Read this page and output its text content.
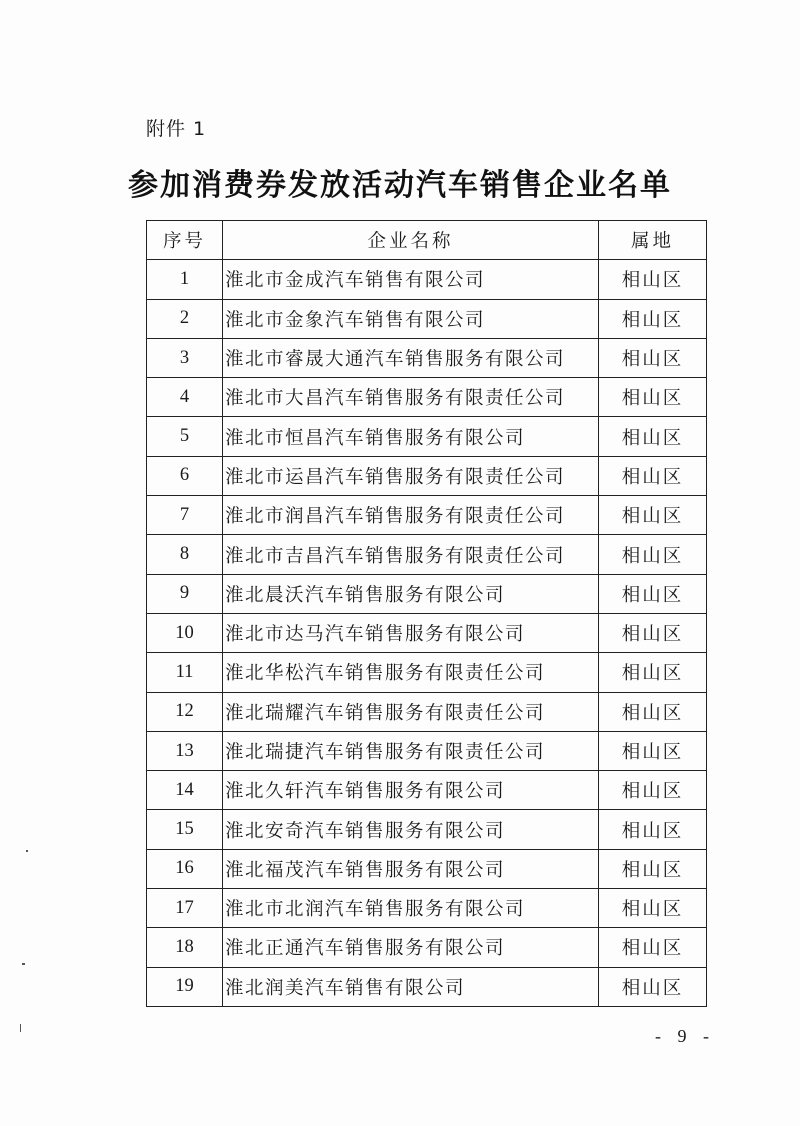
附件 1
参加消费券发放活动汽车销售企业名单
序号	企业名称	属地
1	淮北市金成汽车销售有限公司	相山区
2	淮北市金象汽车销售有限公司	相山区
3	淮北市睿晟大通汽车销售服务有限公司	相山区
4	淮北市大昌汽车销售服务有限责任公司	相山区
5	淮北市恒昌汽车销售服务有限公司	相山区
6	淮北市运昌汽车销售服务有限责任公司	相山区
7	淮北市润昌汽车销售服务有限责任公司	相山区
8	淮北市吉昌汽车销售服务有限责任公司	相山区
9	淮北晨沃汽车销售服务有限公司	相山区
10	淮北市达马汽车销售服务有限公司	相山区
11	淮北华松汽车销售服务有限责任公司	相山区
12	淮北瑞耀汽车销售服务有限责任公司	相山区
13	淮北瑞捷汽车销售服务有限责任公司	相山区
14	淮北久轩汽车销售服务有限公司	相山区
15	淮北安奇汽车销售服务有限公司	相山区
16	淮北福茂汽车销售服务有限公司	相山区
17	淮北市北润汽车销售服务有限公司	相山区
18	淮北正通汽车销售服务有限公司	相山区
19	淮北润美汽车销售有限公司	相山区
- 9 -
